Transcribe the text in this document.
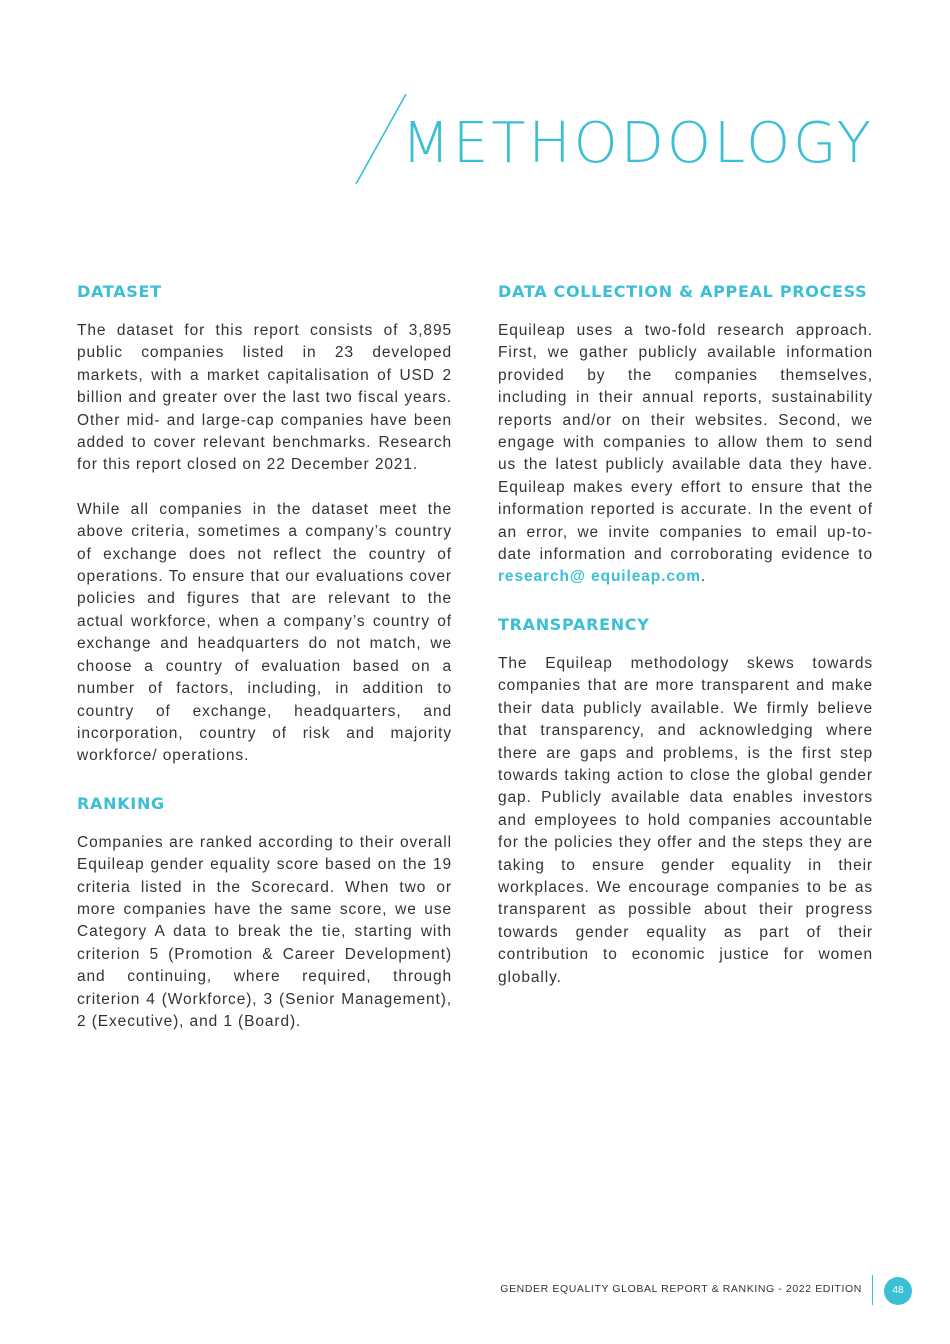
METHODOLOGY
DATASET

The dataset for this report consists of 3,895 public companies listed in 23 developed markets, with a market capitalisation of USD 2 billion and greater over the last two fiscal years. Other mid- and large-cap companies have been added to cover relevant benchmarks. Research for this report closed on 22 December 2021.

While all companies in the dataset meet the above criteria, sometimes a company’s country of exchange does not reflect the country of operations. To ensure that our evaluations cover policies and figures that are relevant to the actual workforce, when a company’s country of exchange and headquarters do not match, we choose a country of evaluation based on a number of factors, including, in addition to country of exchange, headquarters, and incorporation, country of risk and majority workforce/ operations.

RANKING

Companies are ranked according to their overall Equileap gender equality score based on the 19 criteria listed in the Scorecard. When two or more companies have the same score, we use Category A data to break the tie, starting with criterion 5 (Promotion & Career Development) and continuing, where required, through criterion 4 (Workforce), 3 (Senior Management), 2 (Executive), and 1 (Board).

DATA COLLECTION & APPEAL PROCESS

Equileap uses a two-fold research approach. First, we gather publicly available information provided by the companies themselves, including in their annual reports, sustainability reports and/or on their websites. Second, we engage with companies to allow them to send us the latest publicly available data they have. Equileap makes every effort to ensure that the information reported is accurate. In the event of an error, we invite companies to email up-to-date information and corroborating evidence to research@ equileap.com.

TRANSPARENCY

The Equileap methodology skews towards companies that are more transparent and make their data publicly available. We firmly believe that transparency, and acknowledging where there are gaps and problems, is the first step towards taking action to close the global gender gap. Publicly available data enables investors and employees to hold companies accountable for the policies they offer and the steps they are taking to ensure gender equality in their workplaces. We encourage companies to be as transparent as possible about their progress towards gender equality as part of their contribution to economic justice for women globally.

GENDER EQUALITY GLOBAL REPORT & RANKING - 2022 EDITION	48
